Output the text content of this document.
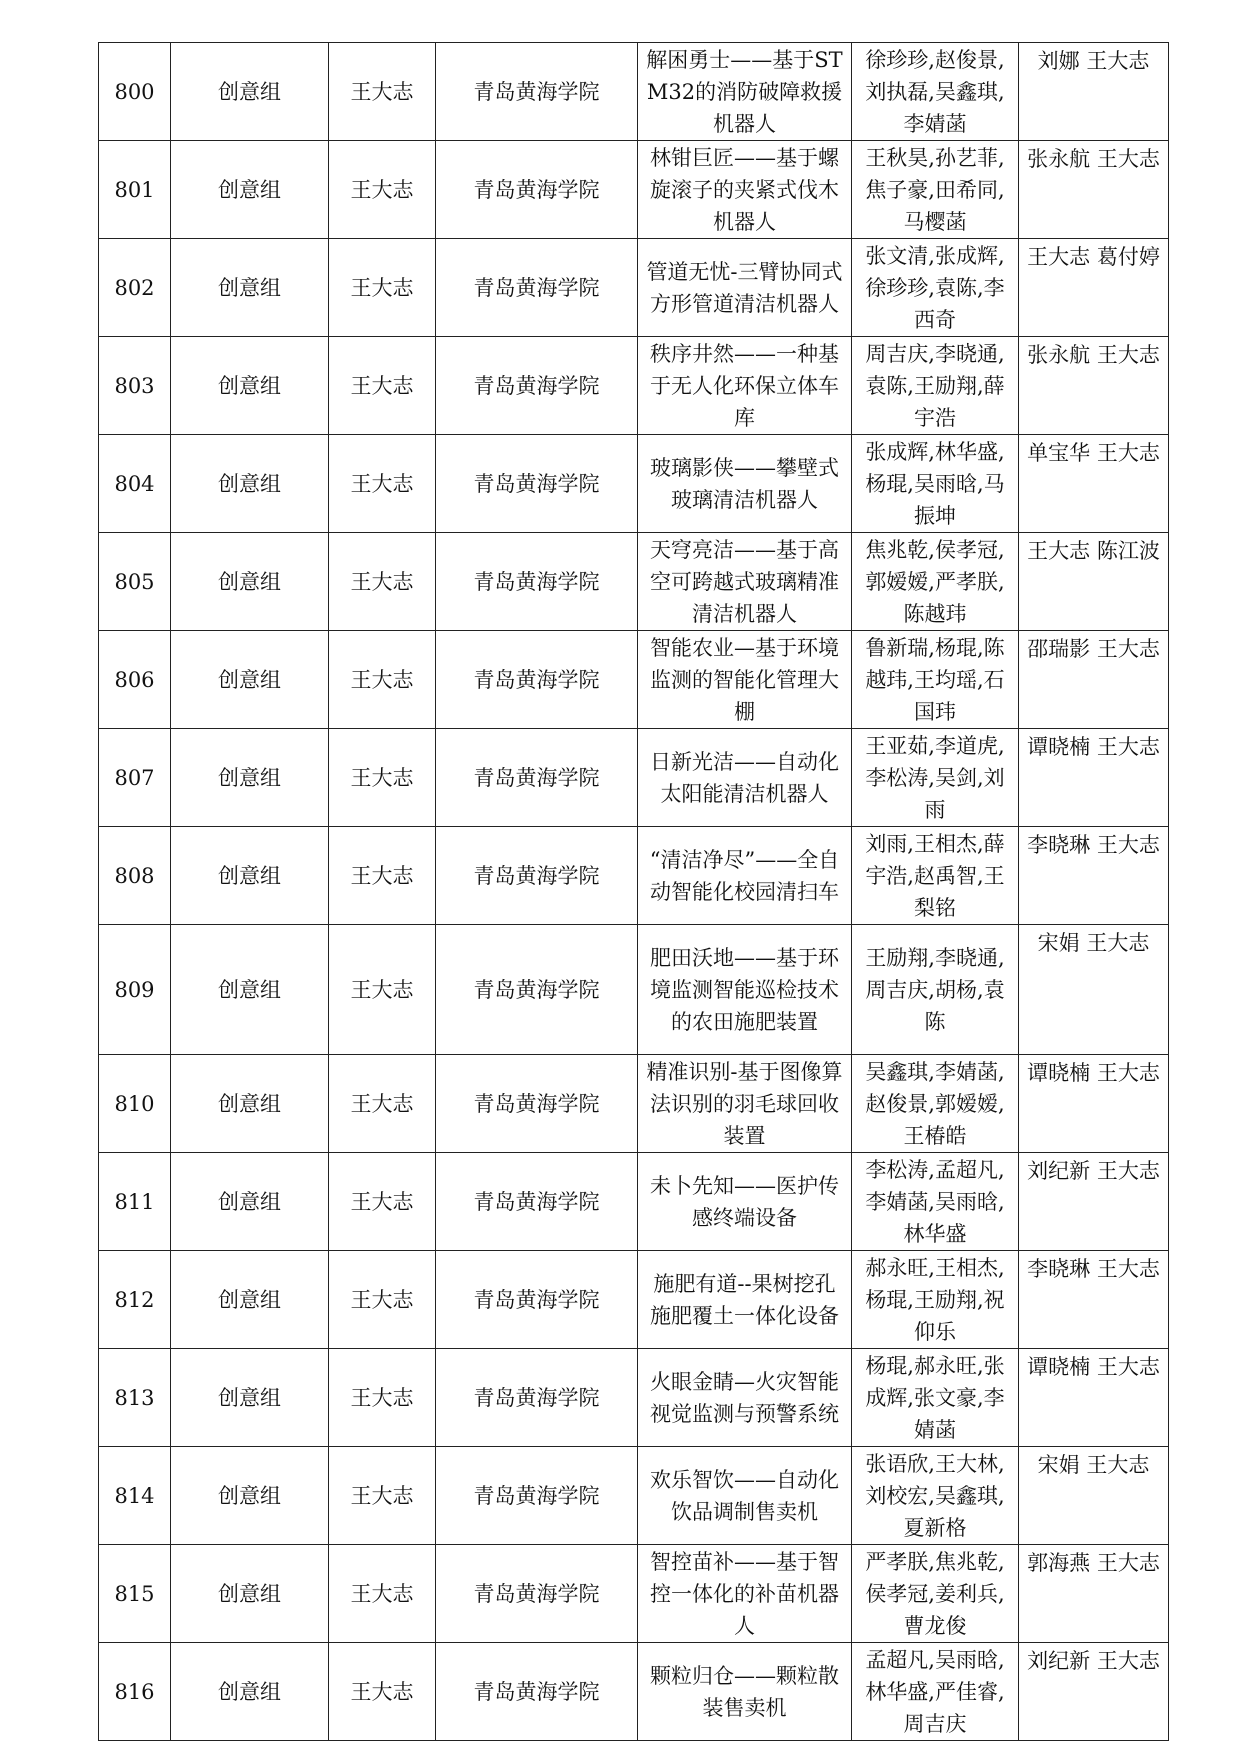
800	创意组	王大志	青岛黄海学院	解困勇士——基于STM32的消防破障救援机器人	徐珍珍,赵俊景,刘执磊,吴鑫琪,李婧菡	刘娜 王大志
801	创意组	王大志	青岛黄海学院	林钳巨匠——基于螺旋滚子的夹紧式伐木机器人	王秋昊,孙艺菲,焦子豪,田希同,马樱菡	张永航 王大志
802	创意组	王大志	青岛黄海学院	管道无忧-三臂协同式方形管道清洁机器人	张文清,张成辉,徐珍珍,袁陈,李西奇	王大志 葛付婷
803	创意组	王大志	青岛黄海学院	秩序井然——一种基于无人化环保立体车库	周吉庆,李晓通,袁陈,王励翔,薛宇浩	张永航 王大志
804	创意组	王大志	青岛黄海学院	玻璃影侠——攀壁式玻璃清洁机器人	张成辉,林华盛,杨琨,吴雨晗,马振坤	单宝华 王大志
805	创意组	王大志	青岛黄海学院	天穹亮洁——基于高空可跨越式玻璃精准清洁机器人	焦兆乾,侯孝冠,郭嫒嫒,严孝朕,陈越玮	王大志 陈江波
806	创意组	王大志	青岛黄海学院	智能农业—基于环境监测的智能化管理大棚	鲁新瑞,杨琨,陈越玮,王均瑶,石国玮	邵瑞影 王大志
807	创意组	王大志	青岛黄海学院	日新光洁——自动化太阳能清洁机器人	王亚茹,李道虎,李松涛,吴剑,刘雨	谭晓楠 王大志
808	创意组	王大志	青岛黄海学院	“清洁净尽”——全自动智能化校园清扫车	刘雨,王相杰,薛宇浩,赵禹智,王梨铭	李晓琳 王大志
809	创意组	王大志	青岛黄海学院	肥田沃地——基于环境监测智能巡检技术的农田施肥装置	王励翔,李晓通,周吉庆,胡杨,袁陈	宋娟 王大志
810	创意组	王大志	青岛黄海学院	精准识别-基于图像算法识别的羽毛球回收装置	吴鑫琪,李婧菡,赵俊景,郭嫒嫒,王椿皓	谭晓楠 王大志
811	创意组	王大志	青岛黄海学院	未卜先知——医护传感终端设备	李松涛,孟超凡,李婧菡,吴雨晗,林华盛	刘纪新 王大志
812	创意组	王大志	青岛黄海学院	施肥有道--果树挖孔施肥覆土一体化设备	郝永旺,王相杰,杨琨,王励翔,祝仰乐	李晓琳 王大志
813	创意组	王大志	青岛黄海学院	火眼金睛—火灾智能视觉监测与预警系统	杨琨,郝永旺,张成辉,张文豪,李婧菡	谭晓楠 王大志
814	创意组	王大志	青岛黄海学院	欢乐智饮——自动化饮品调制售卖机	张语欣,王大林,刘校宏,吴鑫琪,夏新格	宋娟 王大志
815	创意组	王大志	青岛黄海学院	智控苗补——基于智控一体化的补苗机器人	严孝朕,焦兆乾,侯孝冠,姜利兵,曹龙俊	郭海燕 王大志
816	创意组	王大志	青岛黄海学院	颗粒归仓——颗粒散装售卖机	孟超凡,吴雨晗,林华盛,严佳睿,周吉庆	刘纪新 王大志
